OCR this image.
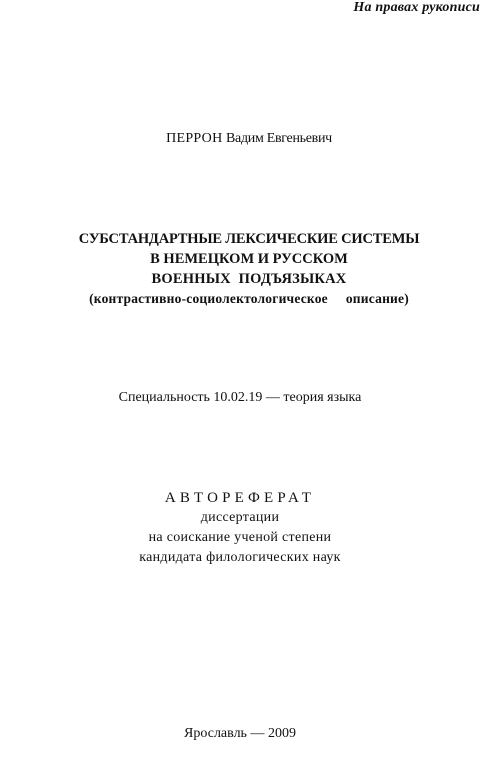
На правах рукописи
ПЕРРОН Вадим Евгеньевич
СУБСТАНДАРТНЫЕ ЛЕКСИЧЕСКИЕ СИСТЕМЫ
В НЕМЕЦКОМ И РУССКОМ
ВОЕННЫХ ПОДЪЯЗЫКАХ
(контрастивно-социолектологическое описание)
Специальность 10.02.19 — теория языка
АВТОРЕФЕРАТ
диссертации
на соискание ученой степени
кандидата филологических наук
Ярославль — 2009
